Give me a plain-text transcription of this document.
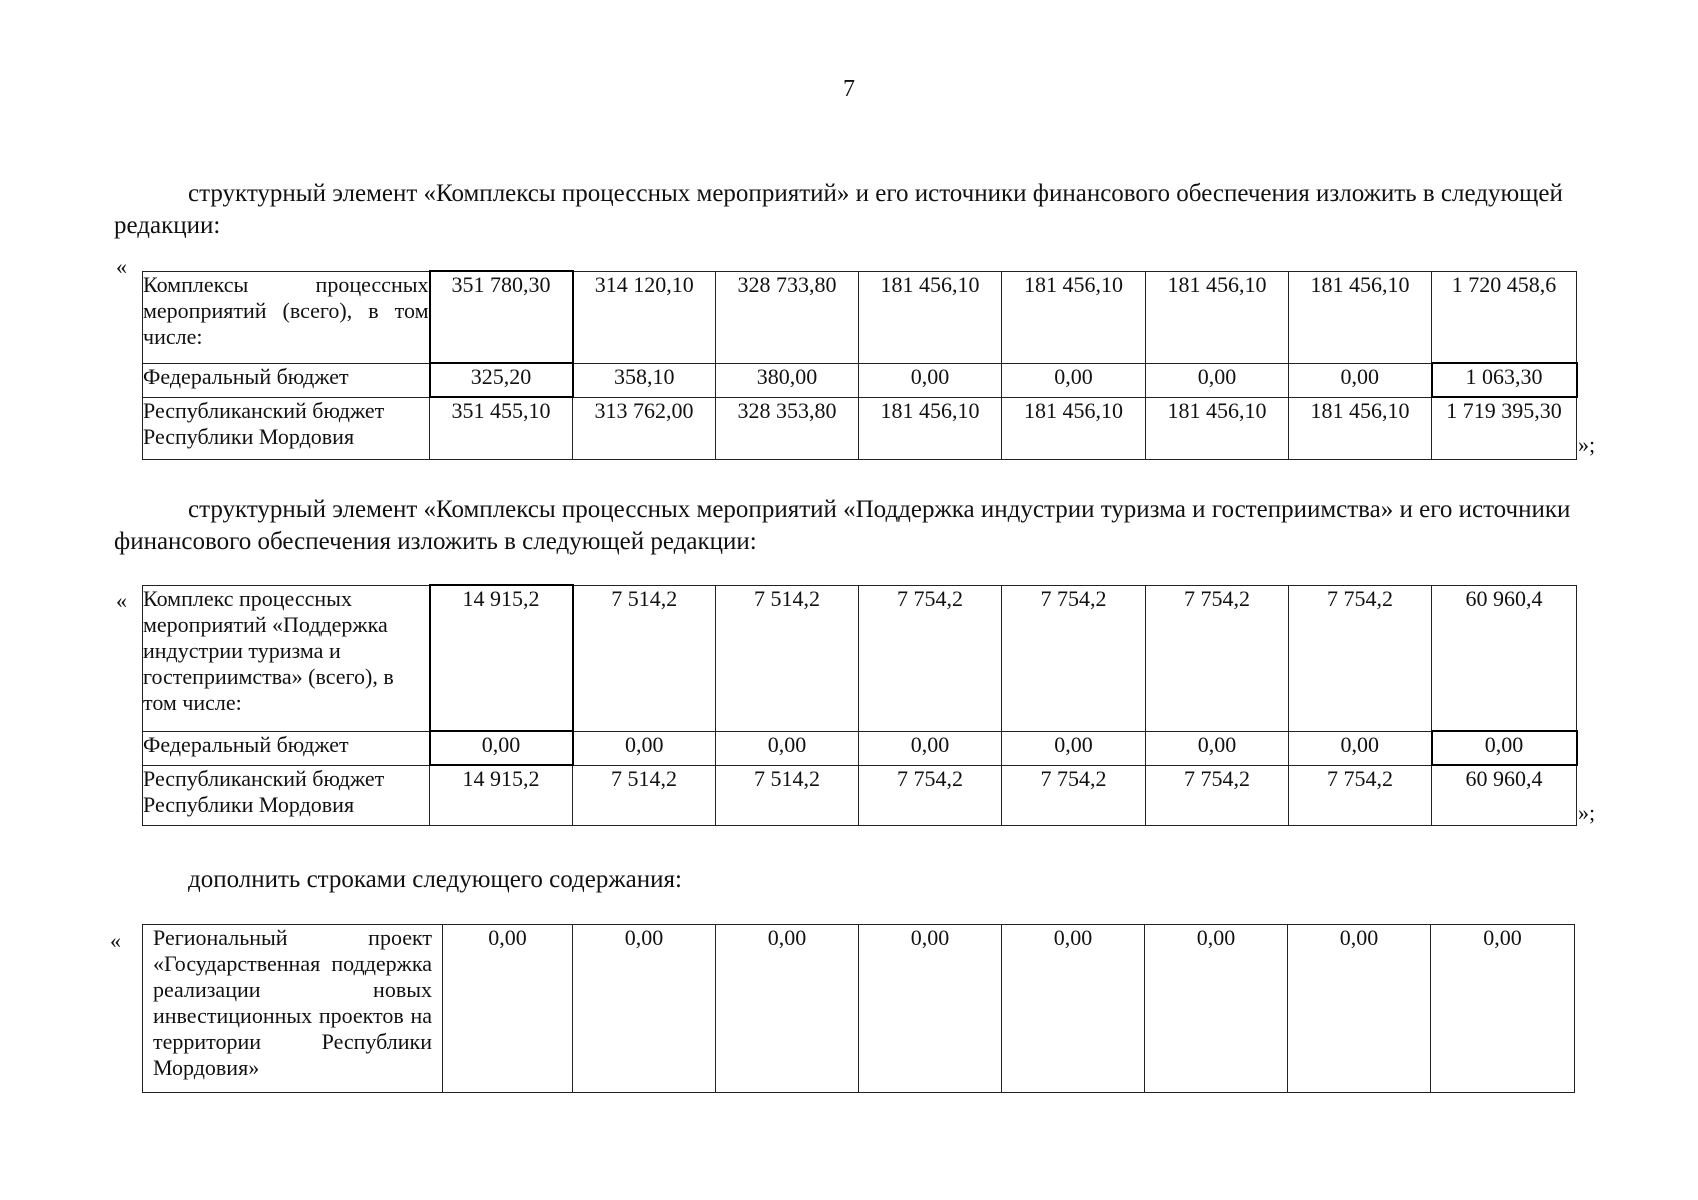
7
структурный элемент «Комплексы процессных мероприятий» и его источники финансового обеспечения изложить в следующей редакции:
«
Комплексы процессных мероприятий (всего), в том числе:	351 780,30	314 120,10	328 733,80	181 456,10	181 456,10	181 456,10	181 456,10	1 720 458,6
Федеральный бюджет	325,20	358,10	380,00	0,00	0,00	0,00	0,00	1 063,30
Республиканский бюджет Республики Мордовия	351 455,10	313 762,00	328 353,80	181 456,10	181 456,10	181 456,10	181 456,10	1 719 395,30
»;
структурный элемент «Комплексы процессных мероприятий «Поддержка индустрии туризма и гостеприимства» и его источники финансового обеспечения изложить в следующей редакции:
« Комплекс процессных мероприятий «Поддержка индустрии туризма и гостеприимства» (всего), в том числе:	14 915,2	7 514,2	7 514,2	7 754,2	7 754,2	7 754,2	7 754,2	60 960,4
Федеральный бюджет	0,00	0,00	0,00	0,00	0,00	0,00	0,00	0,00
Республиканский бюджет Республики Мордовия	14 915,2	7 514,2	7 514,2	7 754,2	7 754,2	7 754,2	7 754,2	60 960,4
»;
дополнить строками следующего содержания:
« Региональный проект «Государственная поддержка реализации новых инвестиционных проектов на территории Республики Мордовия»	0,00	0,00	0,00	0,00	0,00	0,00	0,00	0,00
